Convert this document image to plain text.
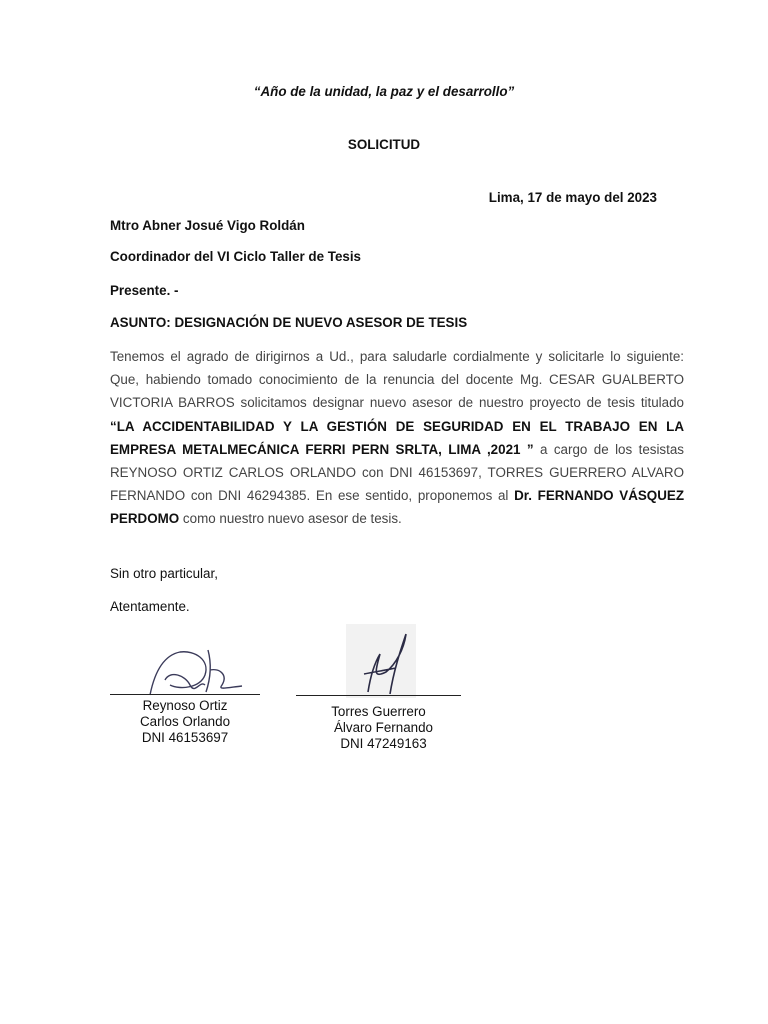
“Año de la unidad, la paz y el desarrollo”
SOLICITUD
Lima, 17 de mayo del 2023
Mtro Abner Josué Vigo Roldán
Coordinador del VI Ciclo Taller de Tesis
Presente. -
ASUNTO: DESIGNACIÓN DE NUEVO ASESOR DE TESIS
Tenemos el agrado de dirigirnos a Ud., para saludarle cordialmente y solicitarle lo siguiente: Que, habiendo tomado conocimiento de la renuncia del docente Mg. CESAR GUALBERTO VICTORIA BARROS solicitamos designar nuevo asesor de nuestro proyecto de tesis titulado “LA ACCIDENTABILIDAD Y LA GESTIÓN DE SEGURIDAD EN EL TRABAJO EN LA EMPRESA METALMECÁNICA FERRI PERN SRLTA, LIMA ,2021 ” a cargo de los tesistas REYNOSO ORTIZ CARLOS ORLANDO con DNI 46153697, TORRES GUERRERO ALVARO FERNANDO con DNI 46294385. En ese sentido, proponemos al Dr. FERNANDO VÁSQUEZ PERDOMO como nuestro nuevo asesor de tesis.
Sin otro particular,
Atentamente.
Reynoso Ortiz
Carlos Orlando
DNI 46153697
Torres Guerrero
Álvaro Fernando
DNI 47249163
